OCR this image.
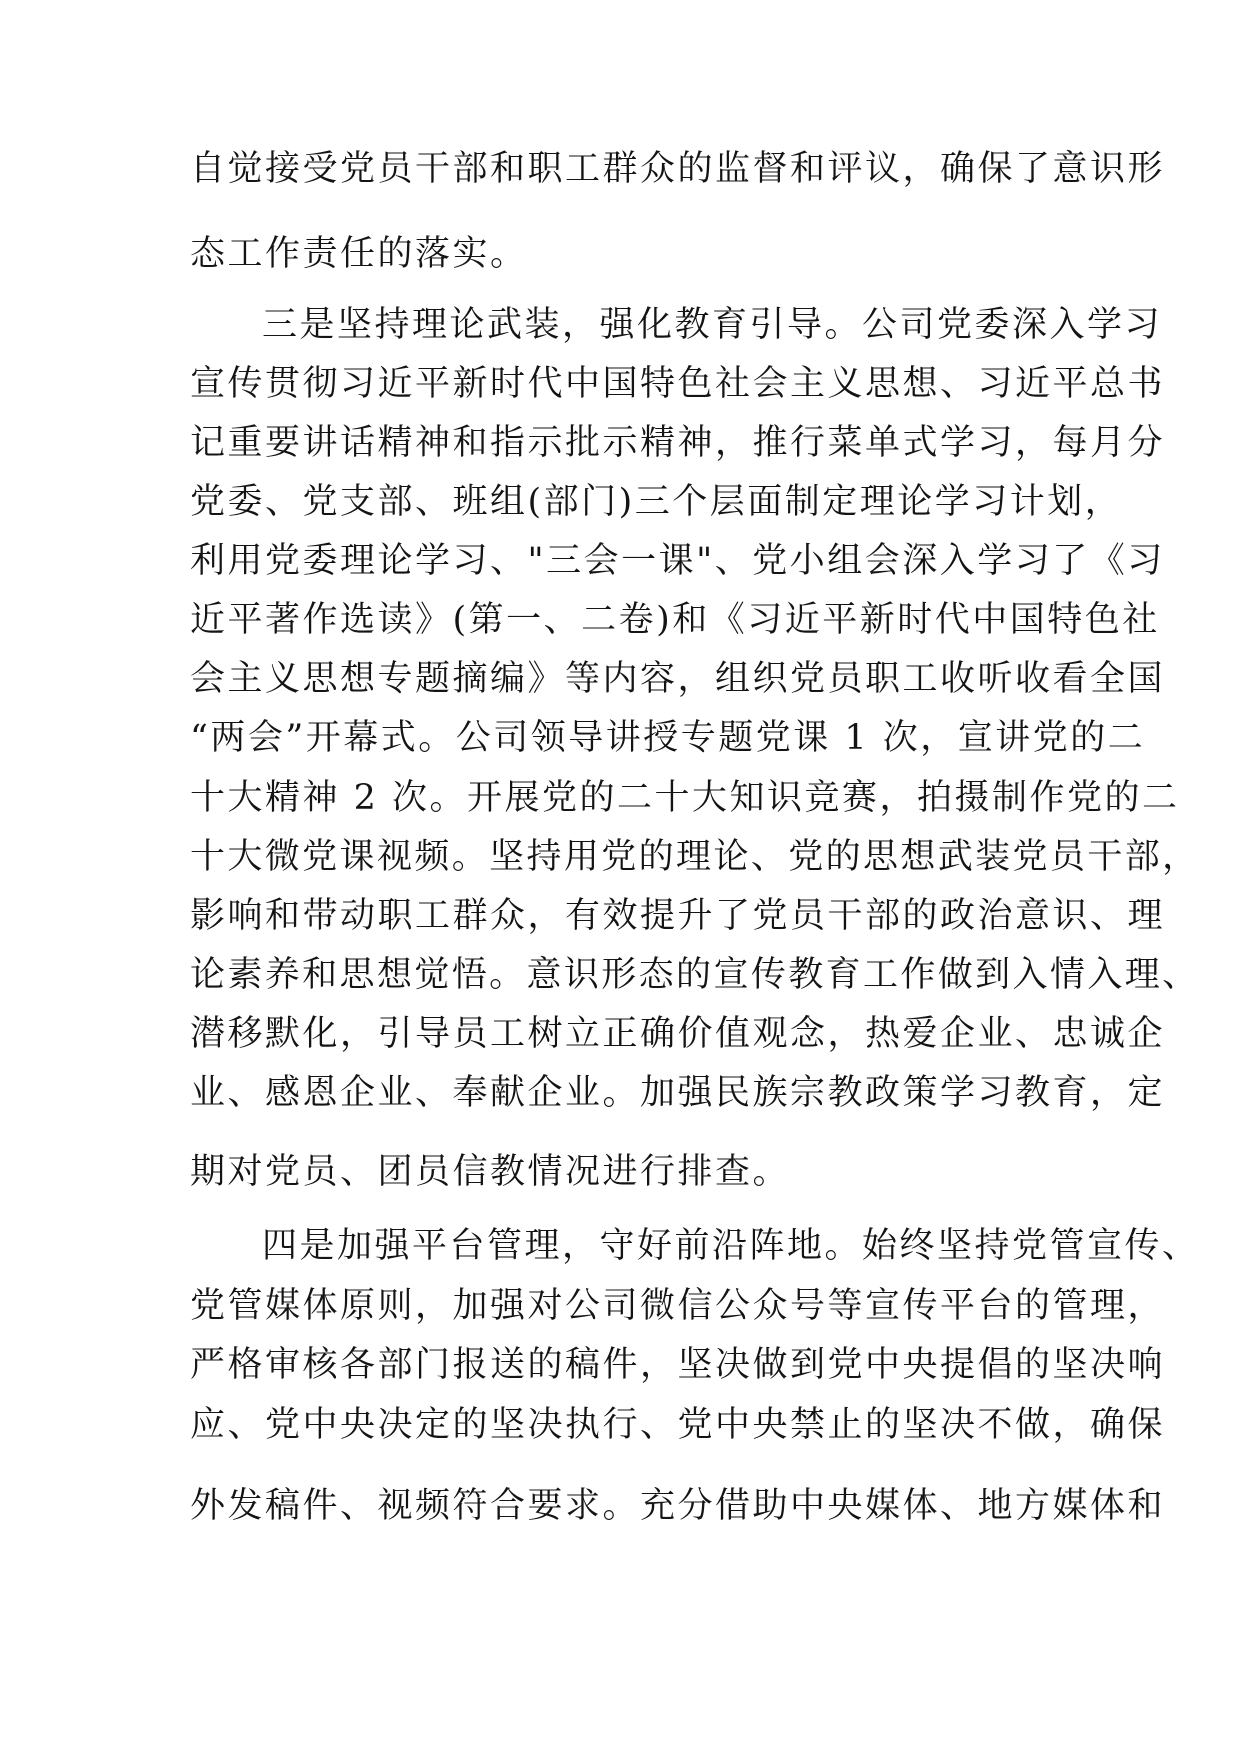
自觉接受党员干部和职工群众的监督和评议，确保了意识形
态工作责任的落实。
三是坚持理论武装，强化教育引导。公司党委深入学习
宣传贯彻习近平新时代中国特色社会主义思想、习近平总书
记重要讲话精神和指示批示精神，推行菜单式学习，每月分
党委、党支部、班组(部门)三个层面制定理论学习计划，
利用党委理论学习、"三会一课"、党小组会深入学习了《习
近平著作选读》(第一、二卷)和《习近平新时代中国特色社
会主义思想专题摘编》等内容，组织党员职工收听收看全国
“两会”开幕式。公司领导讲授专题党课 1 次，宣讲党的二
十大精神 2 次。开展党的二十大知识竞赛，拍摄制作党的二
十大微党课视频。坚持用党的理论、党的思想武装党员干部，
影响和带动职工群众，有效提升了党员干部的政治意识、理
论素养和思想觉悟。意识形态的宣传教育工作做到入情入理、
潜移默化，引导员工树立正确价值观念，热爱企业、忠诚企
业、感恩企业、奉献企业。加强民族宗教政策学习教育，定
期对党员、团员信教情况进行排查。
四是加强平台管理，守好前沿阵地。始终坚持党管宣传、
党管媒体原则，加强对公司微信公众号等宣传平台的管理，
严格审核各部门报送的稿件，坚决做到党中央提倡的坚决响
应、党中央决定的坚决执行、党中央禁止的坚决不做，确保
外发稿件、视频符合要求。充分借助中央媒体、地方媒体和
